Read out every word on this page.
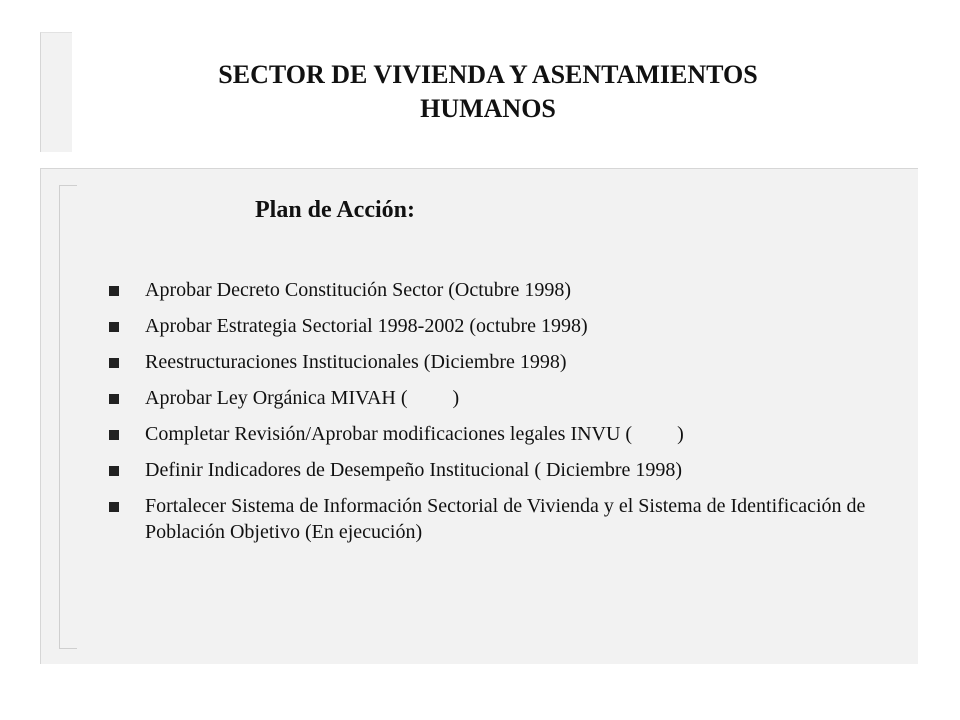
SECTOR DE VIVIENDA Y ASENTAMIENTOS
HUMANOS
Plan de Acción:
Aprobar Decreto Constitución Sector (Octubre 1998)
Aprobar Estrategia Sectorial 1998-2002 (octubre 1998)
Reestructuraciones Institucionales (Diciembre 1998)
Aprobar Ley Orgánica MIVAH (         )
Completar Revisión/Aprobar modificaciones legales INVU (         )
Definir Indicadores de Desempeño Institucional ( Diciembre 1998)
Fortalecer Sistema de Información Sectorial de Vivienda y el Sistema de Identificación de Población Objetivo (En ejecución)
